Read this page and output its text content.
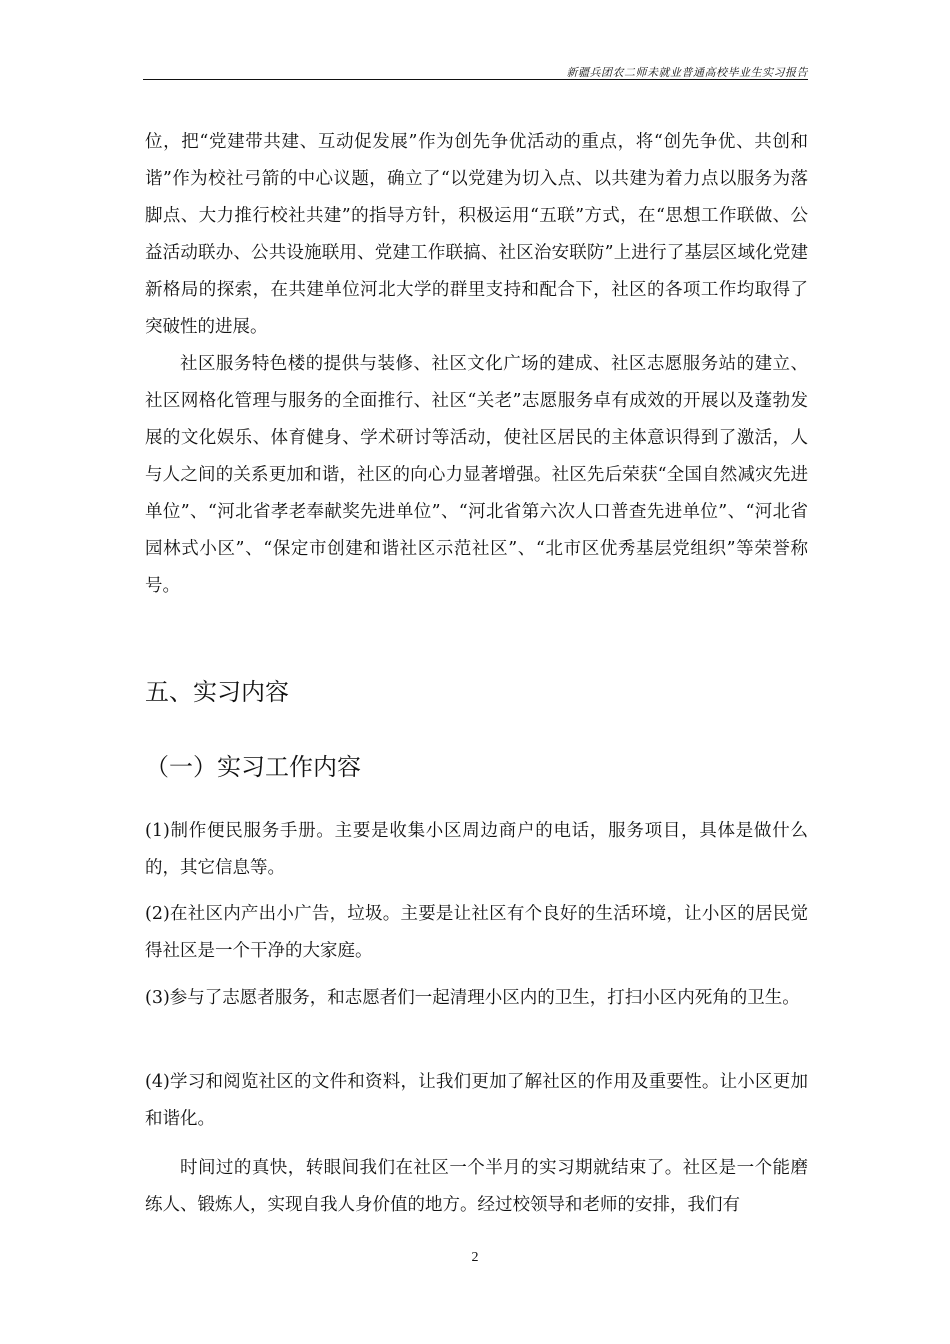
新疆兵团农二师未就业普通高校毕业生实习报告

位，把“党建带共建、互动促发展”作为创先争优活动的重点，将“创先争优、共创和谐”作为校社弓箭的中心议题，确立了“以党建为切入点、以共建为着力点以服务为落脚点、大力推行校社共建”的指导方针，积极运用“五联”方式，在“思想工作联做、公益活动联办、公共设施联用、党建工作联搞、社区治安联防”上进行了基层区域化党建新格局的探索，在共建单位河北大学的群里支持和配合下，社区的各项工作均取得了突破性的进展。

社区服务特色楼的提供与装修、社区文化广场的建成、社区志愿服务站的建立、社区网格化管理与服务的全面推行、社区“关老”志愿服务卓有成效的开展以及蓬勃发展的文化娱乐、体育健身、学术研讨等活动，使社区居民的主体意识得到了激活，人与人之间的关系更加和谐，社区的向心力显著增强。社区先后荣获“全国自然减灾先进单位”、“河北省孝老奉献奖先进单位”、“河北省第六次人口普查先进单位”、“河北省园林式小区”、“保定市创建和谐社区示范社区”、“北市区优秀基层党组织”等荣誉称号。

五、实习内容
（一）实习工作内容

(1)制作便民服务手册。主要是收集小区周边商户的电话，服务项目，具体是做什么的，其它信息等。

(2)在社区内产出小广告，垃圾。主要是让社区有个良好的生活环境，让小区的居民觉得社区是一个干净的大家庭。

(3)参与了志愿者服务，和志愿者们一起清理小区内的卫生，打扫小区内死角的卫生。

(4)学习和阅览社区的文件和资料，让我们更加了解社区的作用及重要性。让小区更加和谐化。

时间过的真快，转眼间我们在社区一个半月的实习期就结束了。社区是一个能磨练人、锻炼人，实现自我人身价值的地方。经过校领导和老师的安排，我们有

2
